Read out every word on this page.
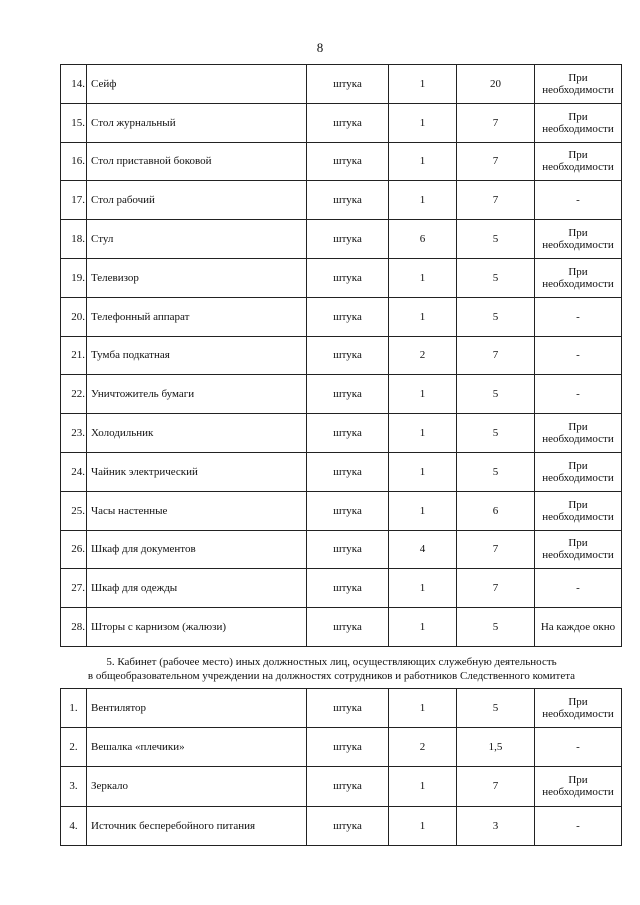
8
14.	Сейф	штука	1	20	При
необходимости
15.	Стол журнальный	штука	1	7	При
необходимости
16.	Стол приставной боковой	штука	1	7	При
необходимости
17.	Стол рабочий	штука	1	7	-
18.	Стул	штука	6	5	При
необходимости
19.	Телевизор	штука	1	5	При
необходимости
20.	Телефонный аппарат	штука	1	5	-
21.	Тумба подкатная	штука	2	7	-
22.	Уничтожитель бумаги	штука	1	5	-
23.	Холодильник	штука	1	5	При
необходимости
24.	Чайник электрический	штука	1	5	При
необходимости
25.	Часы настенные	штука	1	6	При
необходимости
26.	Шкаф для документов	штука	4	7	При
необходимости
27.	Шкаф для одежды	штука	1	7	-
28.	Шторы с карнизом (жалюзи)	штука	1	5	На каждое окно
5. Кабинет (рабочее место) иных должностных лиц, осуществляющих служебную деятельность
в общеобразовательном учреждении на должностях сотрудников и работников Следственного комитета
1.	Вентилятор	штука	1	5	При
необходимости
2.	Вешалка «плечики»	штука	2	1,5	-
3.	Зеркало	штука	1	7	При
необходимости
4.	Источник бесперебойного питания	штука	1	3	-
